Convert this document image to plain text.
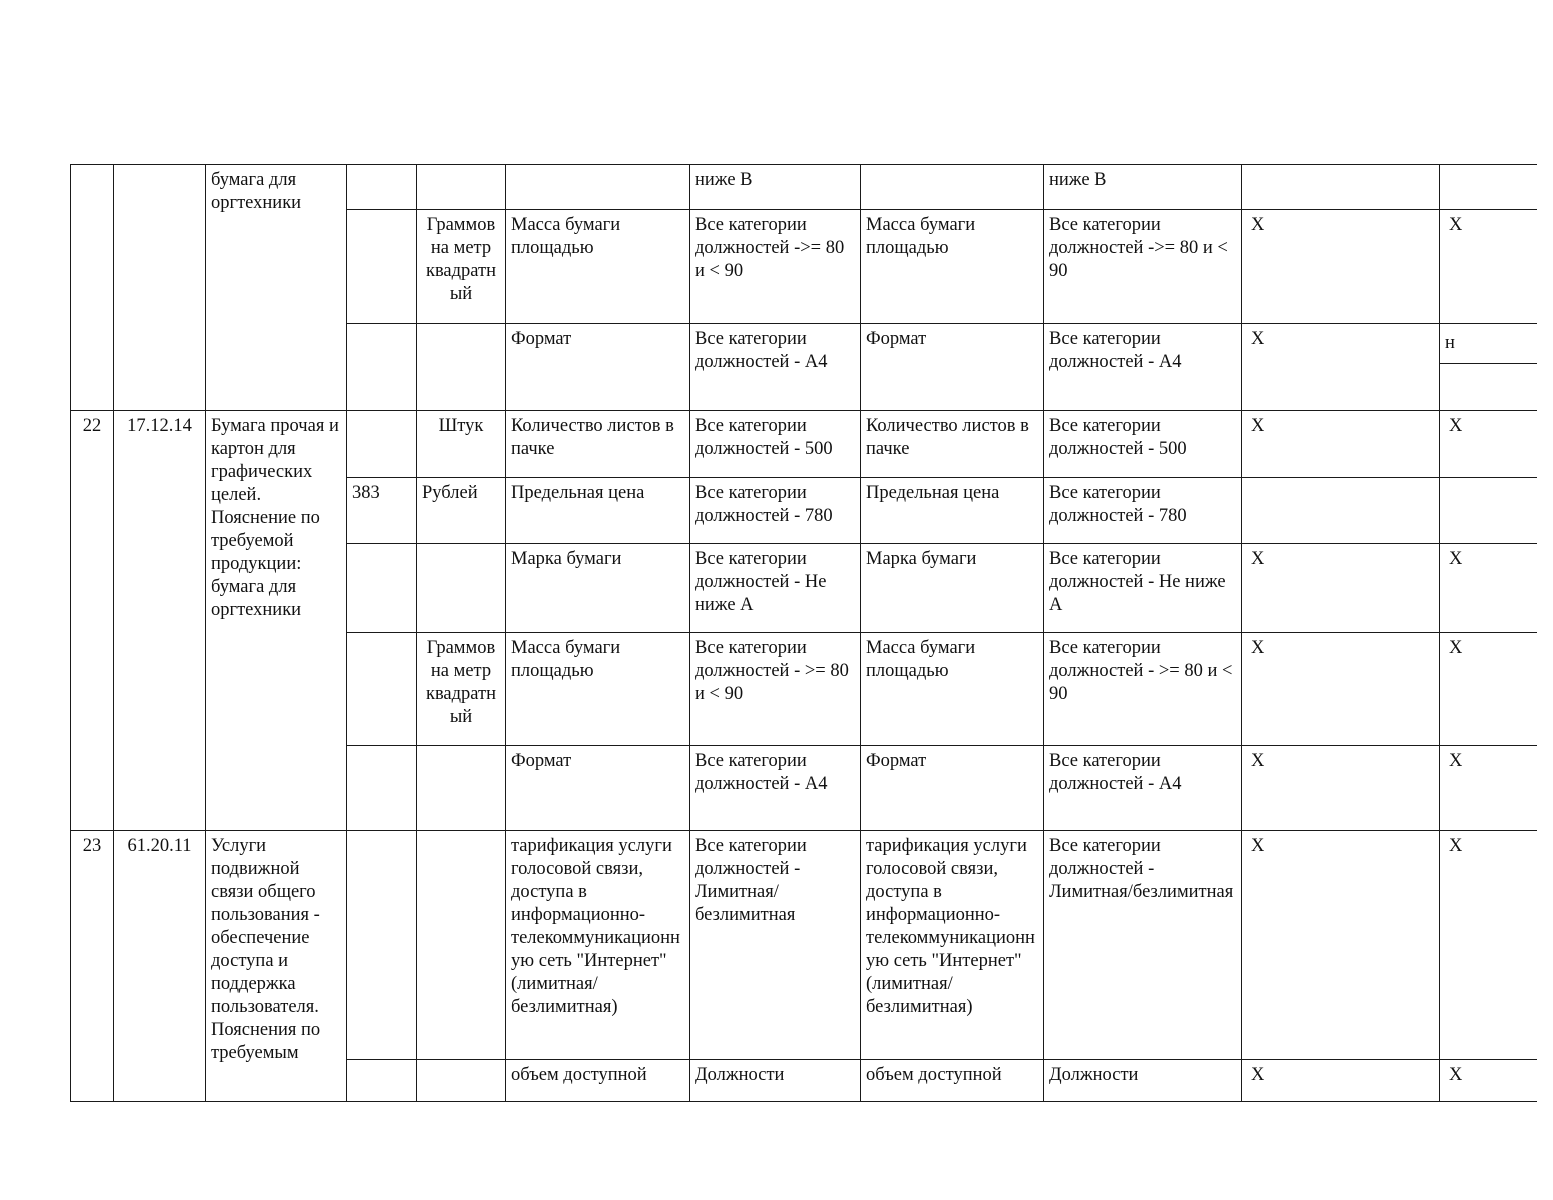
		бумага для оргтехники				ниже В		ниже В		
				Граммов на метр квадратный	Масса бумаги площадью	Все категории должностей ->= 80 и < 90	Масса бумаги площадью	Все категории должностей ->= 80 и < 90	X	X
					Формат	Все категории должностей - А4	Формат	Все категории должностей - А4	X	н

22	17.12.14	Бумага прочая и картон для графических целей. Пояснение по требуемой продукции: бумага для оргтехники		Штук	Количество листов в пачке	Все категории должностей - 500	Количество листов в пачке	Все категории должностей - 500	X	X
			383	Рублей	Предельная цена	Все категории должностей - 780	Предельная цена	Все категории должностей - 780		
					Марка бумаги	Все категории должностей - Не ниже А	Марка бумаги	Все категории должностей - Не ниже А	X	X
				Граммов на метр квадратный	Масса бумаги площадью	Все категории должностей - >= 80 и < 90	Масса бумаги площадью	Все категории должностей - >= 80 и < 90	X	X
					Формат	Все категории должностей - А4	Формат	Все категории должностей - А4	X	X
23	61.20.11	Услуги подвижной связи общего пользования - обеспечение доступа и поддержка пользователя. Пояснения по требуемым			тарификация услуги голосовой связи, доступа в информационно-телекоммуникационную сеть "Интернет" (лимитная/безлимитная)	Все категории должностей - Лимитная/безлимитная	тарификация услуги голосовой связи, доступа в информационно-телекоммуникационную сеть "Интернет" (лимитная/безлимитная)	Все категории должностей - Лимитная/безлимитная	X	X
					объем доступной	Должности	объем доступной	Должности	X	X
